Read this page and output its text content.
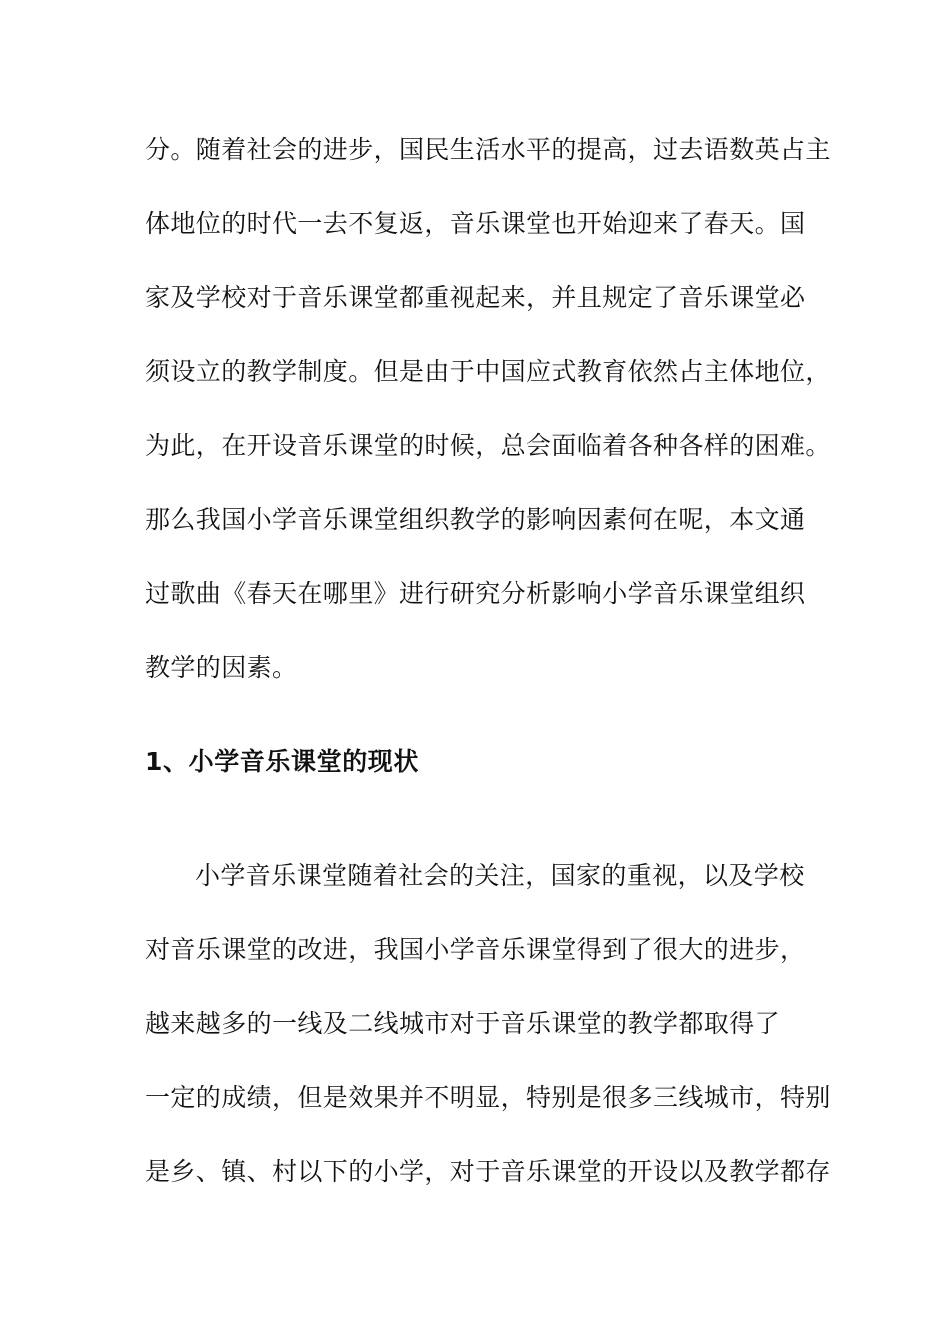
分。随着社会的进步，国民生活水平的提高，过去语数英占主
体地位的时代一去不复返，音乐课堂也开始迎来了春天。国
家及学校对于音乐课堂都重视起来，并且规定了音乐课堂必
须设立的教学制度。但是由于中国应式教育依然占主体地位，
为此，在开设音乐课堂的时候，总会面临着各种各样的困难。
那么我国小学音乐课堂组织教学的影响因素何在呢，本文通
过歌曲《春天在哪里》进行研究分析影响小学音乐课堂组织
教学的因素。
1、小学音乐课堂的现状
小学音乐课堂随着社会的关注，国家的重视，以及学校
对音乐课堂的改进，我国小学音乐课堂得到了很大的进步，
越来越多的一线及二线城市对于音乐课堂的教学都取得了
一定的成绩，但是效果并不明显，特别是很多三线城市，特别
是乡、镇、村以下的小学，对于音乐课堂的开设以及教学都存
